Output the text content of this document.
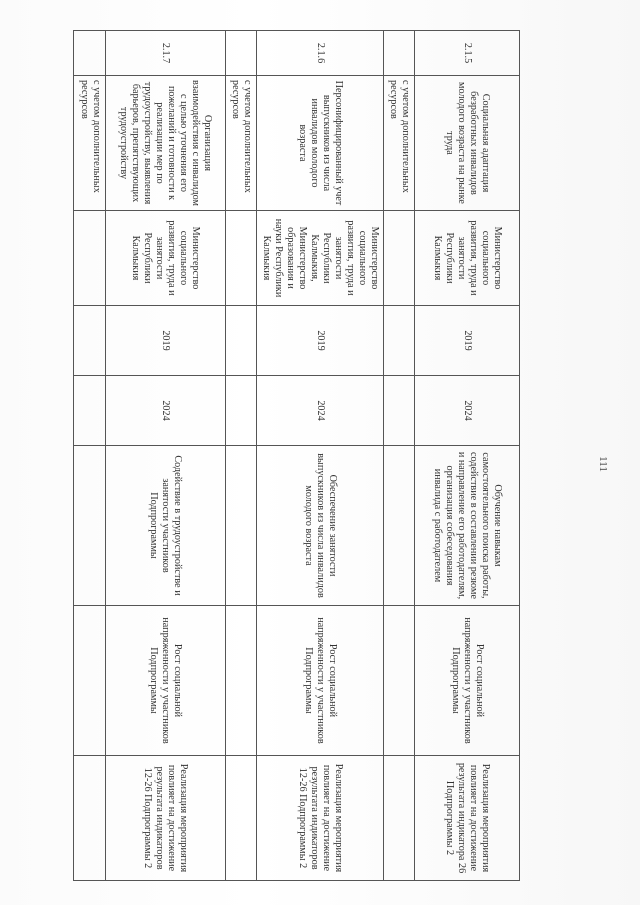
2.1.5	Социальная адаптация безработных инвалидов молодого возраста на рынке труда	Министерство социального развития, труда и занятости Республики Калмыкия	2019	2024	Обучение навыкам самостоятельного поиска работы, содействие в составлении резюме и направление его работодателям, организация собеседования инвалида с работодателем	Рост социальной напряженности у участников Подпрограммы	Реализация мероприятия повлияет на достижение результата индикатора 26 Подпрограммы 2
	с учетом дополнительных ресурсов						
2.1.6	Персонифицированный учет выпускников из числа инвалидов молодого возраста	Министерство социального развития, труда и занятости Республики Калмыкия, Министерство образования и науки Республики Калмыкия	2019	2024	Обеспечение занятости выпускников из числа инвалидов молодого возраста	Рост социальной напряженности у участников Подпрограммы	Реализация мероприятия повлияет на достижение результата индикаторов 12-26 Подпрограммы 2
	с учетом дополнительных ресурсов						
2.1.7	Организация взаимодействия с инвалидом с целью уточнения его пожеланий и готовности к реализации мер по трудоустройству, выявления барьеров, препятствующих трудоустройству	Министерство социального развития, труда и занятости Республики Калмыкия	2019	2024	Содействие в трудоустройстве и занятости участников Подпрограммы	Рост социальной напряженности у участников Подпрограммы	Реализация мероприятия повлияет на достижение результата индикаторов 12-26 Подпрограммы 2
	с учетом дополнительных ресурсов						
111
